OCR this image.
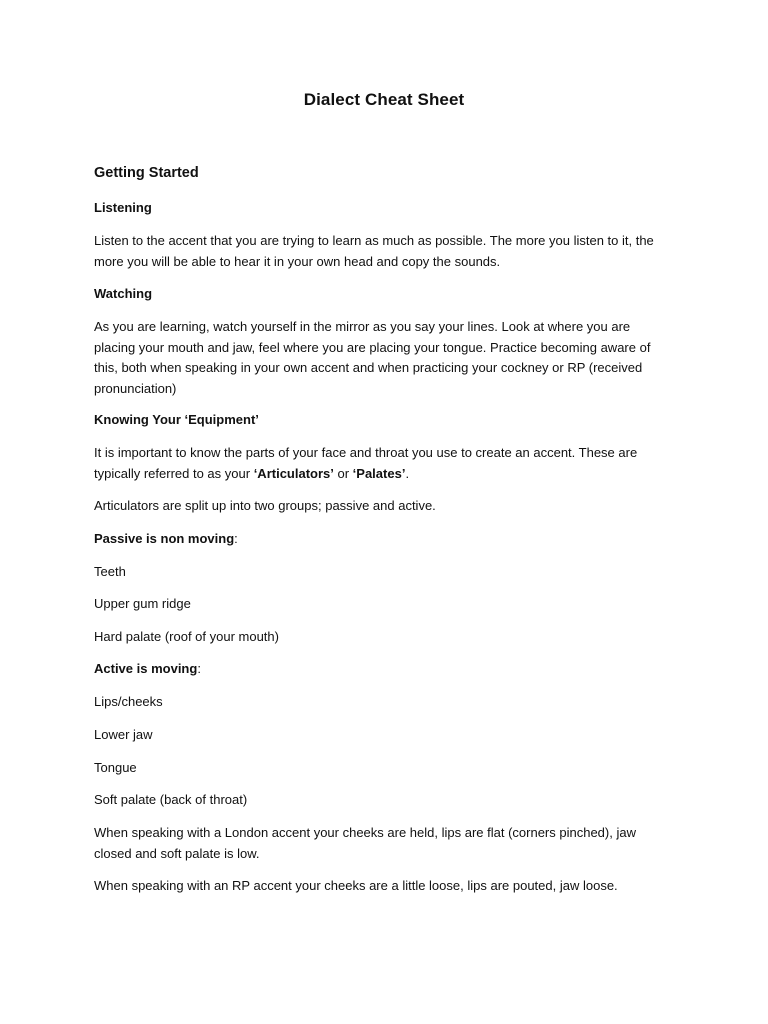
Dialect Cheat Sheet
Getting Started
Listening

Listen to the accent that you are trying to learn as much as possible. The more you listen to it, the more you will be able to hear it in your own head and copy the sounds.

Watching

As you are learning, watch yourself in the mirror as you say your lines. Look at where you are placing your mouth and jaw, feel where you are placing your tongue. Practice becoming aware of this, both when speaking in your own accent and when practicing your cockney or RP (received pronunciation)

Knowing Your ‘Equipment’

It is important to know the parts of your face and throat you use to create an accent. These are typically referred to as your ‘Articulators’ or ‘Palates’.

Articulators are split up into two groups; passive and active.

Passive is non moving:

Teeth

Upper gum ridge

Hard palate (roof of your mouth)

Active is moving:

Lips/cheeks

Lower jaw

Tongue

Soft palate (back of throat)

When speaking with a London accent your cheeks are held, lips are flat (corners pinched), jaw closed and soft palate is low.

When speaking with an RP accent your cheeks are a little loose, lips are pouted, jaw loose.
